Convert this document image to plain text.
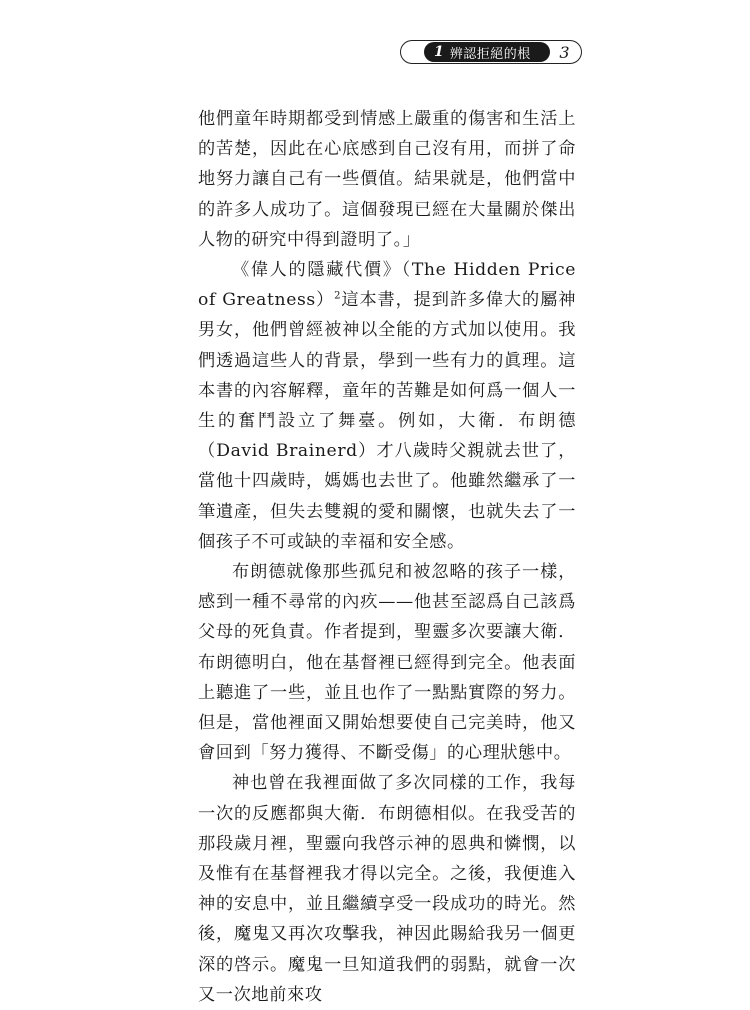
1 辨認拒絕的根 3

他們童年時期都受到情感上嚴重的傷害和生活上的苦楚，因此在心底感到自己沒有用，而拼了命地努力讓自己有一些價值。結果就是，他們當中的許多人成功了。這個發現已經在大量關於傑出人物的研究中得到證明了。」

《偉人的隱藏代價》（The Hidden Price of Greatness）$^2$這本書，提到許多偉大的屬神男女，他們曾經被神以全能的方式加以使用。我們透過這些人的背景，學到一些有力的眞理。這本書的內容解釋，童年的苦難是如何爲一個人一生的奮鬥設立了舞臺。例如，大衛．布朗德（David Brainerd）才八歲時父親就去世了，當他十四歲時，媽媽也去世了。他雖然繼承了一筆遺產，但失去雙親的愛和關懷，也就失去了一個孩子不可或缺的幸福和安全感。

布朗德就像那些孤兒和被忽略的孩子一樣，感到一種不尋常的內疚——他甚至認爲自己該爲父母的死負責。作者提到，聖靈多次要讓大衛．布朗德明白，他在基督裡已經得到完全。他表面上聽進了一些，並且也作了一點點實際的努力。但是，當他裡面又開始想要使自己完美時，他又會回到「努力獲得、不斷受傷」的心理狀態中。

神也曾在我裡面做了多次同樣的工作，我每一次的反應都與大衛．布朗德相似。在我受苦的那段歲月裡，聖靈向我啓示神的恩典和憐憫，以及惟有在基督裡我才得以完全。之後，我便進入神的安息中，並且繼續享受一段成功的時光。然後，魔鬼又再次攻擊我，神因此賜給我另一個更深的啓示。魔鬼一旦知道我們的弱點，就會一次又一次地前來攻
